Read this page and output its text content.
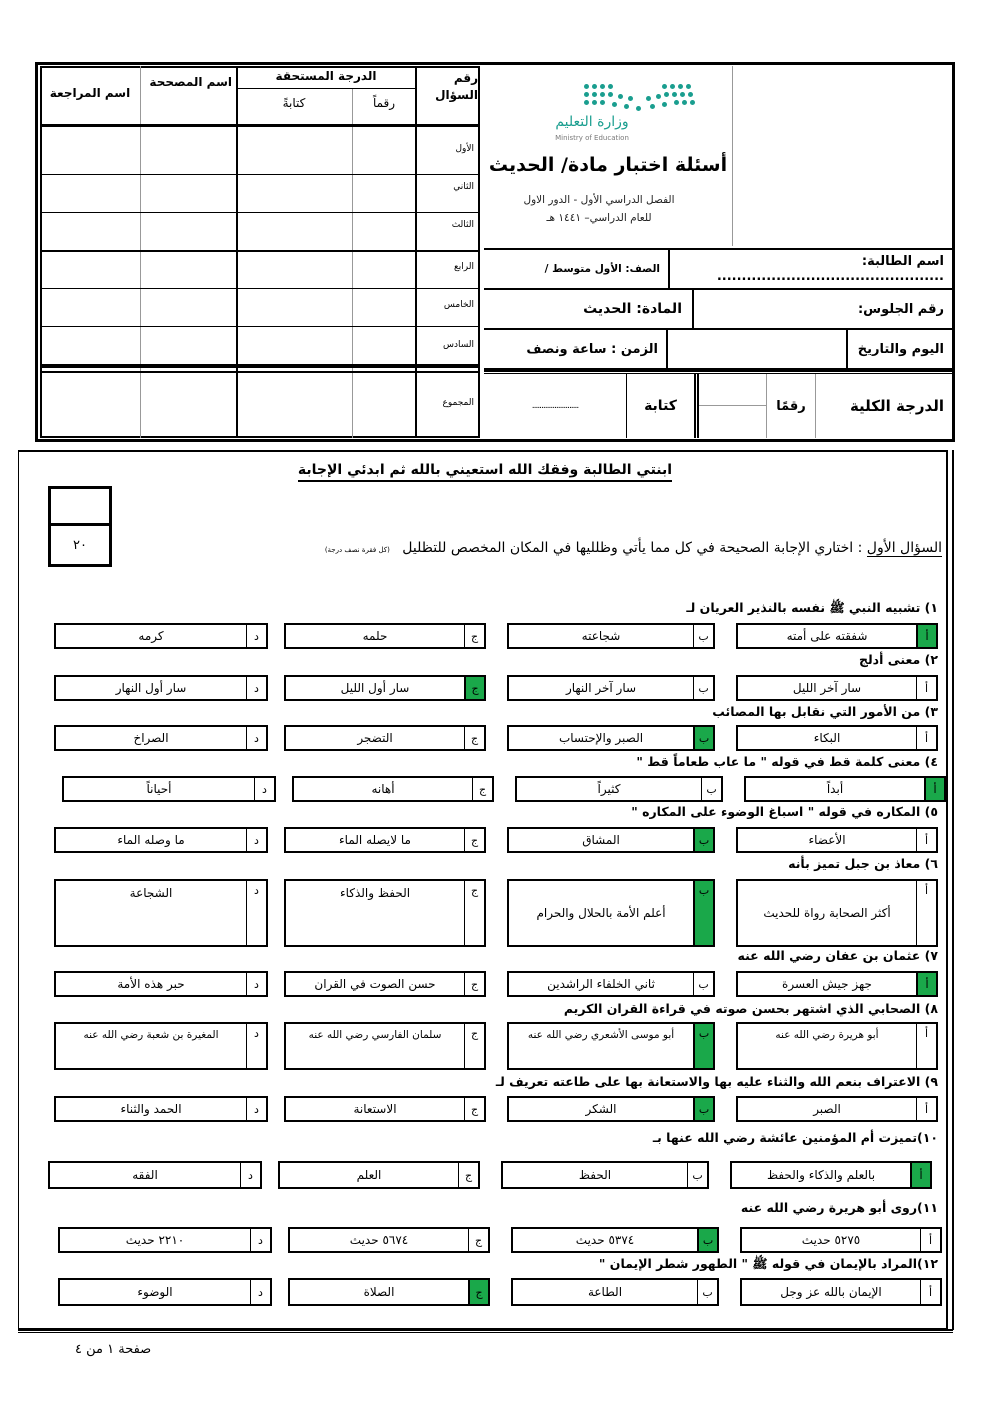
رقم السؤال
الدرجة المستحقة
رقماً
كتابةً
اسم المصححة
اسم المراجعة
الأول
الثاني
الثالث
الرابع
الخامس
السادس
المجموع
وزارة التعليم
Ministry of Education
أسئلة اختبار مادة/ الحديث
الفصل الدراسي الأول - الدور الاول
للعام الدراسي– ١٤٤١ هـ
اسم الطالبة: ..............................................
الصف: الأول متوسط /
رقم الجلوس:
المادة: الحديث
اليوم والتاريخ
الزمن : ساعة ونصف
الدرجة الكلية
رقمًا
كتابة
.........................
ابنتي الطالبة وفقك الله استعيني بالله ثم ابدئي الإجابة
٢٠	السؤال الأول : اختاري الإجابة الصحيحة في كل مما يأتي وظلليها في المكان المخصص للتظليل (كل فقرة نصف درجة)
١) تشبيه النبي ﷺ نفسه بالنذير العريان لـ
أ
شفقته على أمته
ب
شجاعته
ج
حلمه
د
كرمه
٢) معنى أدلج
أ
سار آخر الليل
ب
سار آخر النهار
ج
سار أول الليل
د
سار أول النهار
٣) من الأمور التي نقابل بها المصائب
أ
البكاء
ب
الصبر والإحتساب
ج
التضجر
د
الصراخ
٤) معنى كلمة قط في قوله " ما عاب طعاماً قط "
أ
أبداً
ب
كثيراً
ج
أهانه
د
أحياناً
٥) المكاره في قوله " اسباغ الوضوء على المكاره "
أ
الأعضاء
ب
المشاق
ج
ما لايصله الماء
د
ما وصله الماء
٦) معاذ بن جبل تميز بأنه
أ
أكثر الصحابة رواة للحديث
ب
أعلم الأمة بالحلال والحرام
ج
الحفظ والذكاء
د
الشجاعة
٧) عثمان بن عفان رضي الله عنه
أ
جهز جيش العسرة
ب
ثاني الخلفاء الراشدين
ج
حسن الصوت في القران
د
حبر هذه الأمة
٨) الصحابي الذي اشتهر بحسن صوته في قراءة القران الكريم
أ
أبو هريرة رضي الله عنه
ب
أبو موسى الأشعري رضي الله عنه
ج
سلمان الفارسي رضي الله عنه
د
المغيرة بن شعبة رضي الله عنه
٩) الاعتراف بنعم الله والثناء عليه بها والاستعانة بها على طاعته تعريف لـ
أ
الصبر
ب
الشكر
ج
الاستعانة
د
الحمد والثناء
١٠)تميزت أم المؤمنين عائشة رضي الله عنها بـ
أ
بالعلم والذكاء والحفظ
ب
الحفظ
ج
العلم
د
الفقه
١١)روى أبو هريرة رضي الله عنه
أ
٥٢٧٥ حديث
ب
٥٣٧٤ حديث
ج
٥٦٧٤ حديث
د
٢٢١٠ حديث
١٢)المراد بالإيمان في قوله ﷺ " الطهور شطر الإيمان "
أ
الإيمان بالله عز وجل
ب
الطاعة
ج
الصلاة
د
الوضوء
صفحة ١ من ٤
